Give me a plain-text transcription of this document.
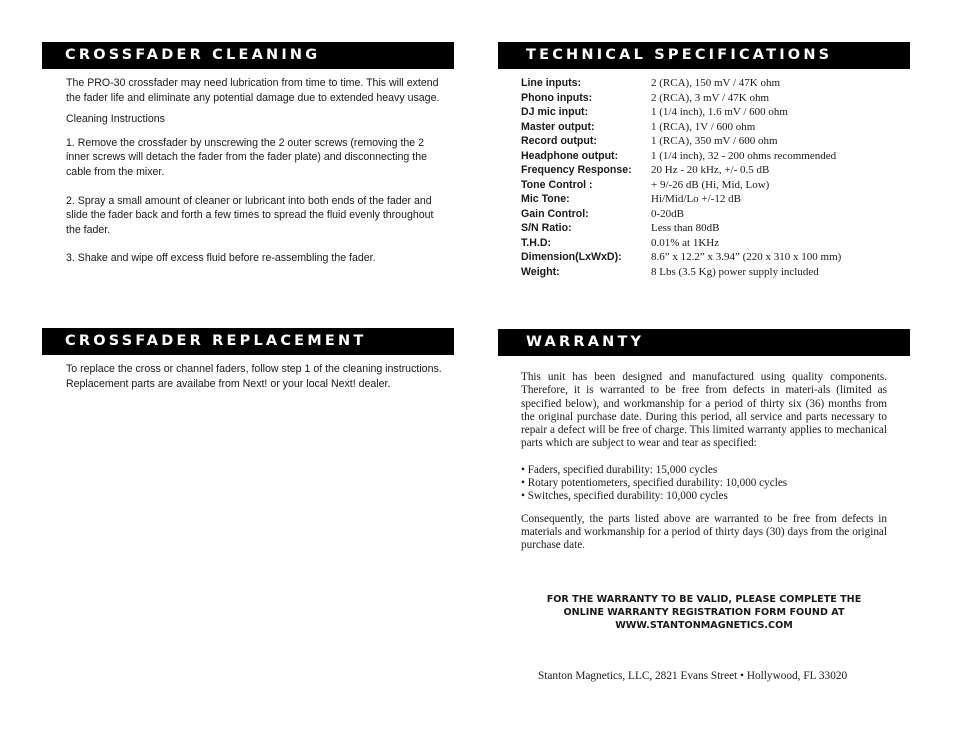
CROSSFADER CLEANING

The PRO-30 crossfader may need lubrication from time to time. This will extend the fader life and eliminate any potential damage due to extended heavy usage.

Cleaning Instructions

1. Remove the crossfader by unscrewing the 2 outer screws (removing the 2 inner screws will detach the fader from the fader plate) and disconnecting the cable from the mixer.

2. Spray a small amount of cleaner or lubricant into both ends of the fader and slide the fader back and forth a few times to spread the fluid evenly throughout the fader.

3. Shake and wipe off excess fluid before re-assembling the fader.

CROSSFADER REPLACEMENT

To replace the cross or channel faders, follow step 1 of the cleaning instructions. Replacement parts are availabe from Next! or your local Next! dealer.

TECHNICAL SPECIFICATIONS
Line inputs:	2 (RCA), 150 mV / 47K ohm
Phono inputs:	2 (RCA), 3 mV / 47K ohm
DJ mic input:	1 (1/4 inch), 1.6 mV / 600 ohm
Master output:	1 (RCA), 1V / 600 ohm
Record output:	1 (RCA), 350 mV / 600 ohm
Headphone output:	1 (1/4 inch), 32 - 200 ohms recommended
Frequency Response: 20 Hz - 20 kHz, +/- 0.5 dB
Tone Control :	+ 9/-26 dB (Hi, Mid, Low)
Mic Tone:	Hi/Mid/Lo +/-12 dB
Gain Control:	0-20dB
S/N Ratio:	Less than 80dB
T.H.D:	0.01% at 1KHz
Dimension(LxWxD):	8.6” x 12.2” x 3.94” (220 x 310 x 100 mm)
Weight:	8 Lbs (3.5 Kg) power supply included
WARRANTY

This unit has been designed and manufactured using quality components. Therefore, it is warranted to be free from defects in materi-als (limited as specified below), and workmanship for a period of thirty six (36) months from the original purchase date. During this period, all service and parts necessary to repair a defect will be free of charge. This limited warranty applies to mechanical parts which are subject to wear and tear as specified:

• Faders, specified durability: 15,000 cycles
• Rotary potentiometers, specified durability: 10,000 cycles
• Switches, specified durability: 10,000 cycles

Consequently, the parts listed above are warranted to be free from defects in materials and workmanship for a period of thirty days (30) days from the original purchase date.

FOR THE WARRANTY TO BE VALID, PLEASE COMPLETE THE
ONLINE WARRANTY REGISTRATION FORM FOUND AT
WWW.STANTONMAGNETICS.COM
Stanton Magnetics, LLC, 2821 Evans Street • Hollywood, FL 33020
